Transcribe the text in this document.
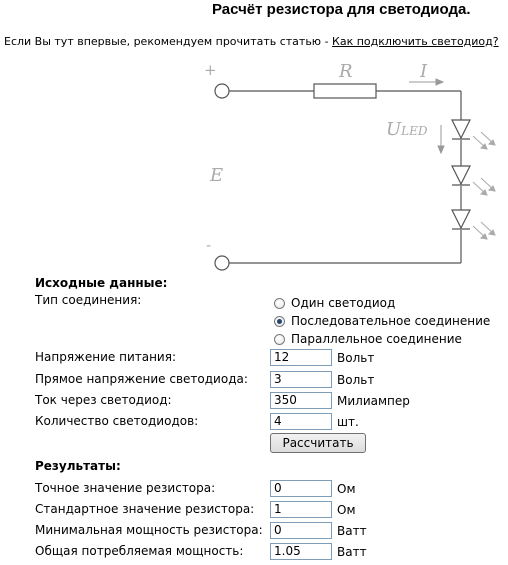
Расчёт резистора для светодиода.
Если Вы тут впервые, рекомендуем прочитать статью - Как подключить светодиод?
+
-
R	I
E
ULED
Исходные данные:
Тип соединения:	Один светодиод
Последовательное соединение
Параллельное соединение
Напряжение питания:	12	Вольт
Прямое напряжение светодиода:	3	Вольт
Ток через светодиод:	350	Милиампер
Количество светодиодов:	4	шт.
Рассчитать
Результаты:
Точное значение резистора:	0	Ом
Стандартное значение резистора:	1	Ом
Минимальная мощность резистора: 0	Ватт
Общая потребляемая мощность:	1.05	Ватт
